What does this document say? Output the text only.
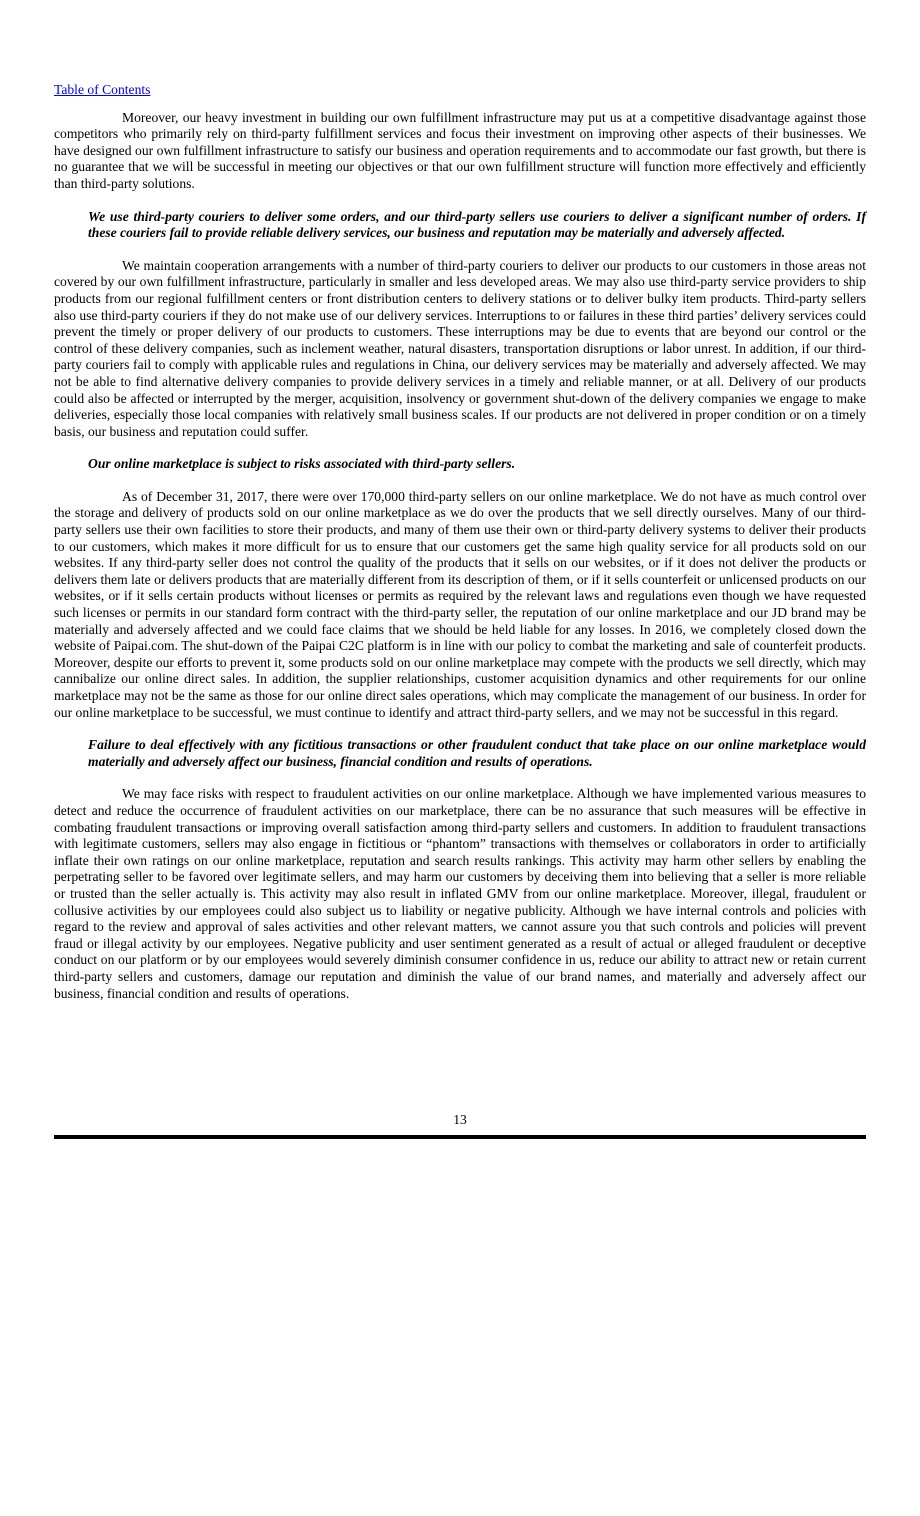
Table of Contents

Moreover, our heavy investment in building our own fulfillment infrastructure may put us at a competitive disadvantage against those competitors who primarily rely on third-party fulfillment services and focus their investment on improving other aspects of their businesses. We have designed our own fulfillment infrastructure to satisfy our business and operation requirements and to accommodate our fast growth, but there is no guarantee that we will be successful in meeting our objectives or that our own fulfillment structure will function more effectively and efficiently than third-party solutions.

We use third-party couriers to deliver some orders, and our third-party sellers use couriers to deliver a significant number of orders. If these couriers fail to provide reliable delivery services, our business and reputation may be materially and adversely affected.

We maintain cooperation arrangements with a number of third-party couriers to deliver our products to our customers in those areas not covered by our own fulfillment infrastructure, particularly in smaller and less developed areas. We may also use third-party service providers to ship products from our regional fulfillment centers or front distribution centers to delivery stations or to deliver bulky item products. Third-party sellers also use third-party couriers if they do not make use of our delivery services. Interruptions to or failures in these third parties’ delivery services could prevent the timely or proper delivery of our products to customers. These interruptions may be due to events that are beyond our control or the control of these delivery companies, such as inclement weather, natural disasters, transportation disruptions or labor unrest. In addition, if our third-party couriers fail to comply with applicable rules and regulations in China, our delivery services may be materially and adversely affected. We may not be able to find alternative delivery companies to provide delivery services in a timely and reliable manner, or at all. Delivery of our products could also be affected or interrupted by the merger, acquisition, insolvency or government shut-down of the delivery companies we engage to make deliveries, especially those local companies with relatively small business scales. If our products are not delivered in proper condition or on a timely basis, our business and reputation could suffer.

Our online marketplace is subject to risks associated with third-party sellers.

As of December 31, 2017, there were over 170,000 third-party sellers on our online marketplace. We do not have as much control over the storage and delivery of products sold on our online marketplace as we do over the products that we sell directly ourselves. Many of our third-party sellers use their own facilities to store their products, and many of them use their own or third-party delivery systems to deliver their products to our customers, which makes it more difficult for us to ensure that our customers get the same high quality service for all products sold on our websites. If any third-party seller does not control the quality of the products that it sells on our websites, or if it does not deliver the products or delivers them late or delivers products that are materially different from its description of them, or if it sells counterfeit or unlicensed products on our websites, or if it sells certain products without licenses or permits as required by the relevant laws and regulations even though we have requested such licenses or permits in our standard form contract with the third-party seller, the reputation of our online marketplace and our JD brand may be materially and adversely affected and we could face claims that we should be held liable for any losses. In 2016, we completely closed down the website of Paipai.com. The shut-down of the Paipai C2C platform is in line with our policy to combat the marketing and sale of counterfeit products. Moreover, despite our efforts to prevent it, some products sold on our online marketplace may compete with the products we sell directly, which may cannibalize our online direct sales. In addition, the supplier relationships, customer acquisition dynamics and other requirements for our online marketplace may not be the same as those for our online direct sales operations, which may complicate the management of our business. In order for our online marketplace to be successful, we must continue to identify and attract third-party sellers, and we may not be successful in this regard.

Failure to deal effectively with any fictitious transactions or other fraudulent conduct that take place on our online marketplace would materially and adversely affect our business, financial condition and results of operations.

We may face risks with respect to fraudulent activities on our online marketplace. Although we have implemented various measures to detect and reduce the occurrence of fraudulent activities on our marketplace, there can be no assurance that such measures will be effective in combating fraudulent transactions or improving overall satisfaction among third-party sellers and customers. In addition to fraudulent transactions with legitimate customers, sellers may also engage in fictitious or “phantom” transactions with themselves or collaborators in order to artificially inflate their own ratings on our online marketplace, reputation and search results rankings. This activity may harm other sellers by enabling the perpetrating seller to be favored over legitimate sellers, and may harm our customers by deceiving them into believing that a seller is more reliable or trusted than the seller actually is. This activity may also result in inflated GMV from our online marketplace. Moreover, illegal, fraudulent or collusive activities by our employees could also subject us to liability or negative publicity. Although we have internal controls and policies with regard to the review and approval of sales activities and other relevant matters, we cannot assure you that such controls and policies will prevent fraud or illegal activity by our employees. Negative publicity and user sentiment generated as a result of actual or alleged fraudulent or deceptive conduct on our platform or by our employees would severely diminish consumer confidence in us, reduce our ability to attract new or retain current third-party sellers and customers, damage our reputation and diminish the value of our brand names, and materially and adversely affect our business, financial condition and results of operations.

13
